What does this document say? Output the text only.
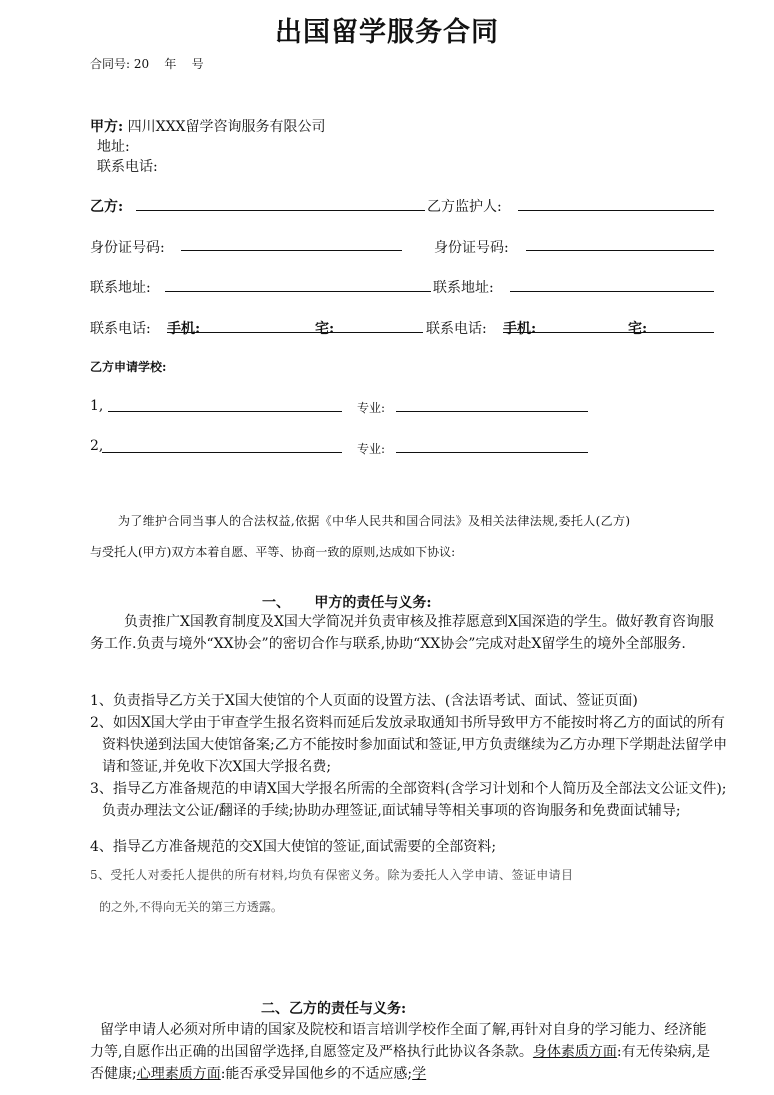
出国留学服务合同
合同号: 20    年    号
甲方: 四川XXX留学咨询服务有限公司
地址:
联系电话:
乙方:	乙方监护人:
身份证号码:	身份证号码:
联系地址:	联系地址:
联系电话: 手机:	宅:	联系电话: 手机:	宅:
乙方申请学校:
1,	专业:
2,	专业:
为了维护合同当事人的合法权益,依据《中华人民共和国合同法》及相关法律法规,委托人(乙方)
与受托人(甲方)双方本着自愿、平等、协商一致的原则,达成如下协议:
一、     甲方的责任与义务:
负责推广X国教育制度及X国大学简况并负责审核及推荐愿意到X国深造的学生。做好教育咨询服务工作.负责与境外“XX协会”的密切合作与联系,协助“XX协会”完成对赴X留学生的境外全部服务.
1、负责指导乙方关于X国大使馆的个人页面的设置方法、(含法语考试、面试、签证页面)
2、如因X国大学由于审查学生报名资料而延后发放录取通知书所导致甲方不能按时将乙方的面试的所有资料快递到法国大使馆备案;乙方不能按时参加面试和签证,甲方负责继续为乙方办理下学期赴法留学申请和签证,并免收下次X国大学报名费;
3、指导乙方准备规范的申请X国大学报名所需的全部资料(含学习计划和个人简历及全部法文公证文件);负责办理法文公证/翻译的手续;协助办理签证,面试辅导等相关事项的咨询服务和免费面试辅导;
4、指导乙方准备规范的交X国大使馆的签证,面试需要的全部资料;
5、受托人对委托人提供的所有材料,均负有保密义务。除为委托人入学申请、签证申请目
的之外,不得向无关的第三方透露。
二、乙方的责任与义务:
留学申请人必须对所申请的国家及院校和语言培训学校作全面了解,再针对自身的学习能力、经济能力等,自愿作出正确的出国留学选择,自愿签定及严格执行此协议各条款。身体素质方面:有无传染病,是否健康;心理素质方面:能否承受异国他乡的不适应感;学
